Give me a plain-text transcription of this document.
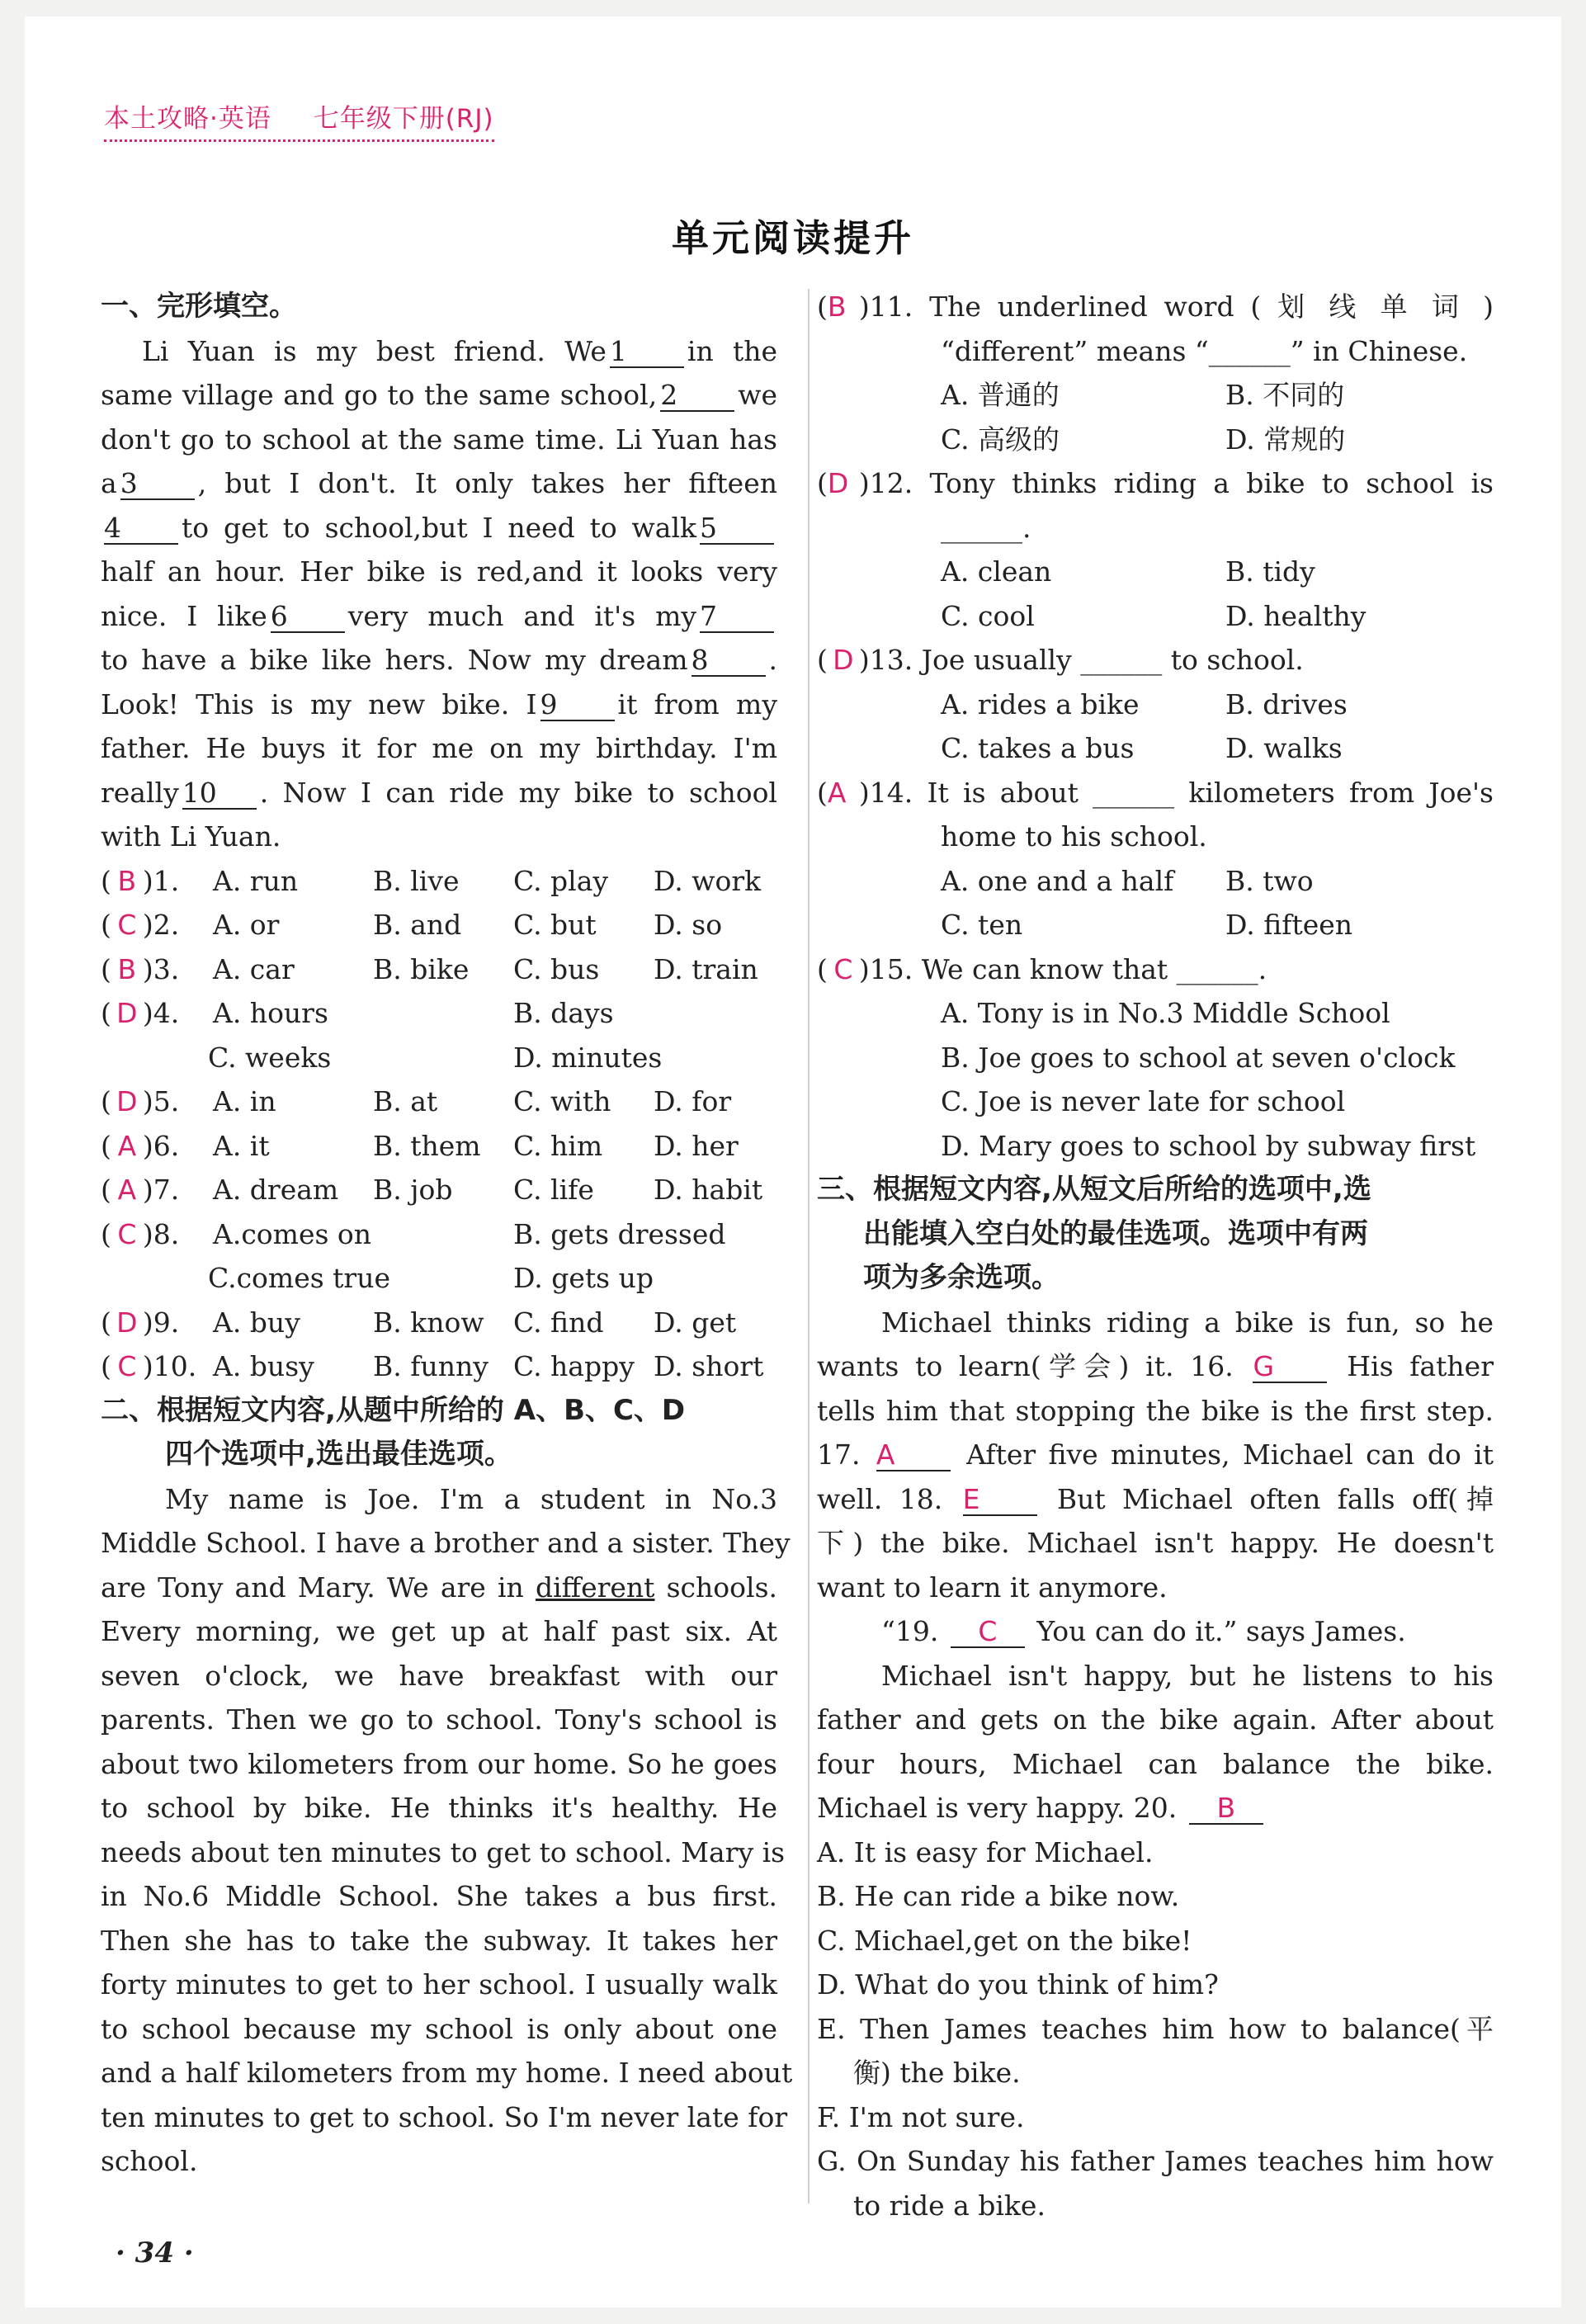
本土攻略·英语 七年级下册(RJ)
单元阅读提升
一、完形填空。
Li Yuan is my best friend. We 1 in the
same village and go to the same school, 2 we
don't go to school at the same time. Li Yuan has
a 3 , but I don't. It only takes her fifteen
4 to get to school,but I need to walk 5
half an hour. Her bike is red,and it looks very
nice. I like 6 very much and it's my 7
to have a bike like hers. Now my dream 8 .
Look! This is my new bike. I 9 it from my
father. He buys it for me on my birthday. I'm
really 10 . Now I can ride my bike to school
with Li Yuan.
( B )1. A. run	B. live C. play D. work
( C )2. A. or	B. and C. but D. so
( B )3. A. car	B. bike C. bus D. train
( D )4. A. hours	B. days
C. weeks	D. minutes
( D )5. A. in	B. at	C. with D. for
( A )6. A. it	B. them C. him D. her
( A )7. A. dream B. job C. life D. habit
( C )8. A.comes on	B. gets dressed
C.comes true	D. gets up
( D )9. A. buy	B. know C. find D. get
( C )10. A. busy B. funny C. happy D. short
二、根据短文内容,从题中所给的 A、B、C、D
四个选项中,选出最佳选项。
My name is Joe. I'm a student in No.3
Middle School. I have a brother and a sister. They
are Tony and Mary. We are in different schools.
Every morning, we get up at half past six. At
seven o'clock, we have breakfast with our
parents. Then we go to school. Tony's school is
about two kilometers from our home. So he goes
to school by bike. He thinks it's healthy. He
needs about ten minutes to get to school. Mary is
in No.6 Middle School. She takes a bus first.
Then she has to take the subway. It takes her
forty minutes to get to her school. I usually walk
to school because my school is only about one
and a half kilometers from my home. I need about
ten minutes to get to school. So I'm never late for
school.
(B )11. The underlined word ( 划 线 单 词 )
“different” means “______” in Chinese.
A. 普通的	B. 不同的
C. 高级的	D. 常规的
(D )12. Tony thinks riding a bike to school is
______.
A. clean	B. tidy
C. cool	D. healthy
( D )13. Joe usually ______ to school.
A. rides a bike	B. drives
C. takes a bus	D. walks
(A )14. It is about ______ kilometers from Joe's
home to his school.
A. one and a half B. two
C. ten	D. fifteen
( C )15. We can know that ______.
A. Tony is in No.3 Middle School
B. Joe goes to school at seven o'clock
C. Joe is never late for school
D. Mary goes to school by subway first
三、根据短文内容,从短文后所给的选项中,选
出能填入空白处的最佳选项。选项中有两
项为多余选项。
Michael thinks riding a bike is fun, so he
wants to learn(学会) it. 16. G His father
tells him that stopping the bike is the first step.
17. A After five minutes, Michael can do it
well. 18. E But Michael often falls off(掉
下) the bike. Michael isn't happy. He doesn't
want to learn it anymore.
“19. C You can do it.” says James.
Michael isn't happy, but he listens to his
father and gets on the bike again. After about
four hours, Michael can balance the bike.
Michael is very happy. 20. B
A. It is easy for Michael.
B. He can ride a bike now.
C. Michael,get on the bike!
D. What do you think of him?
E. Then James teaches him how to balance(平
衡) the bike.
F. I'm not sure.
G. On Sunday his father James teaches him how
to ride a bike.
· 34 ·
